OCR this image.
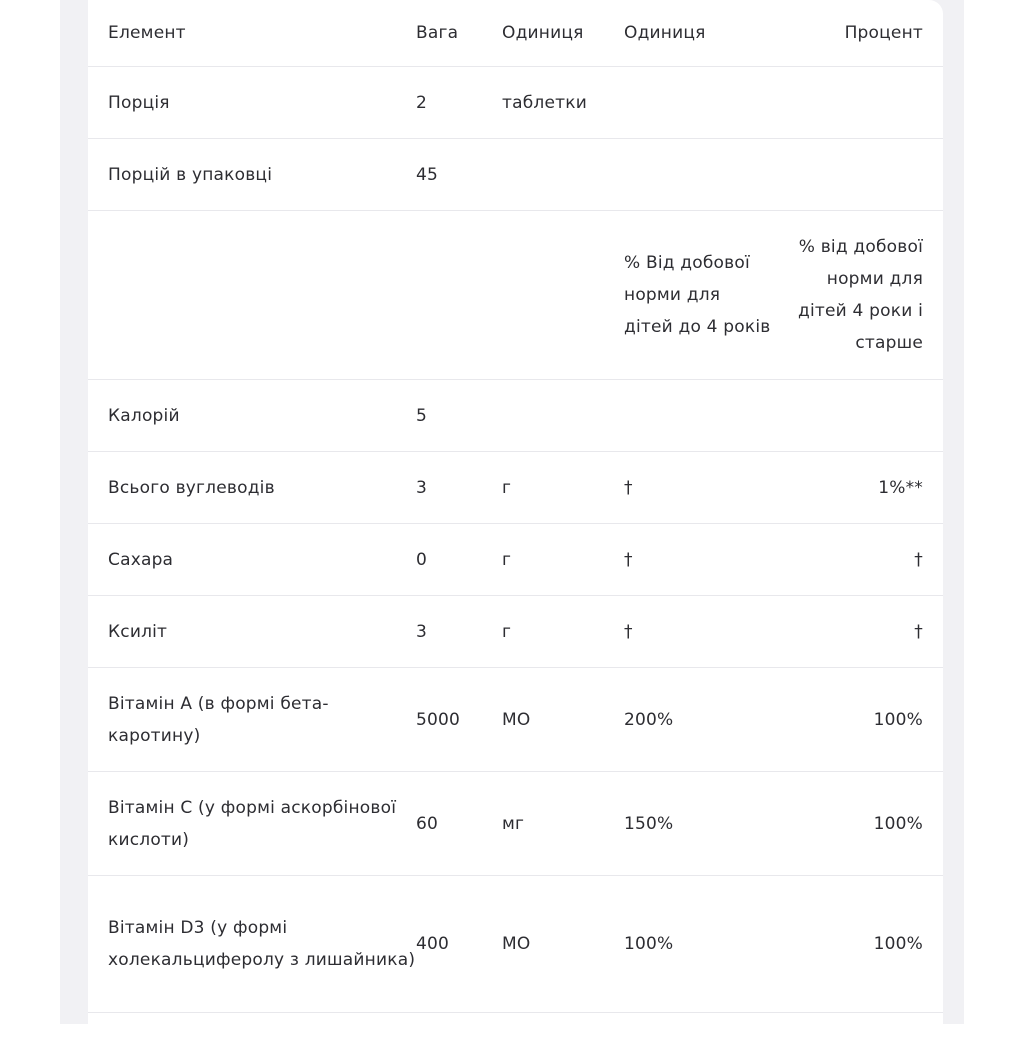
Елемент	Вага	Одиниця	Одиниця	Процент
Порція	2	таблетки		
Порцій в упаковці	45			
			% Від добової норми для дітей до 4 років	% від добової норми для дітей 4 роки і старше
Калорій	5			
Всього вуглеводів	3	г	†	1%**
Сахара	0	г	†	†
Ксиліт	3	г	†	†
Вітамін А (в формі бета-каротину)	5000	МО	200%	100%
Вітамін С (у формі аскорбінової кислоти)	60	мг	150%	100%
Вітамін D3 (у формі холекальциферолу з лишайника)	400	МО	100%	100%
